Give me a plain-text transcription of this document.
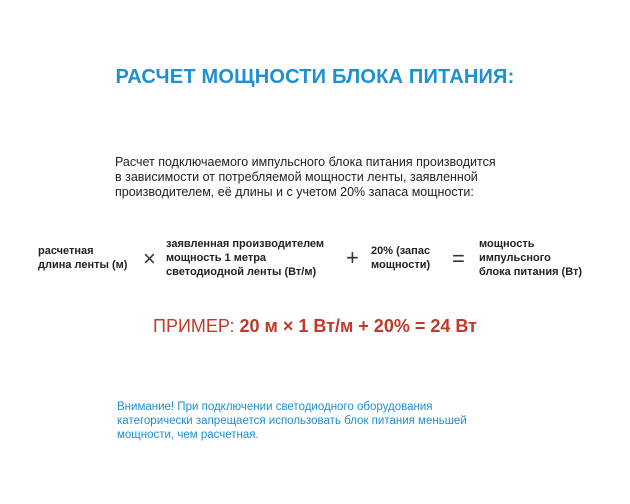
РАСЧЕТ МОЩНОСТИ БЛОКА ПИТАНИЯ:
Расчет подключаемого импульсного блока питания производится
в зависимости от потребляемой мощности ленты, заявленной
производителем, её длины и с учетом 20% запаса мощности:
расчетная
длина ленты (м) ×
заявленная производителем
мощность 1 метра
светодиодной ленты (Вт/м)
+ 20% (запас
мощности) =
мощность
импульсного
блока питания (Вт)
ПРИМЕР: 20 м × 1 Вт/м + 20% = 24 Вт
Внимание! При подключении светодиодного оборудования
категорически запрещается использовать блок питания меньшей
мощности, чем расчетная.
